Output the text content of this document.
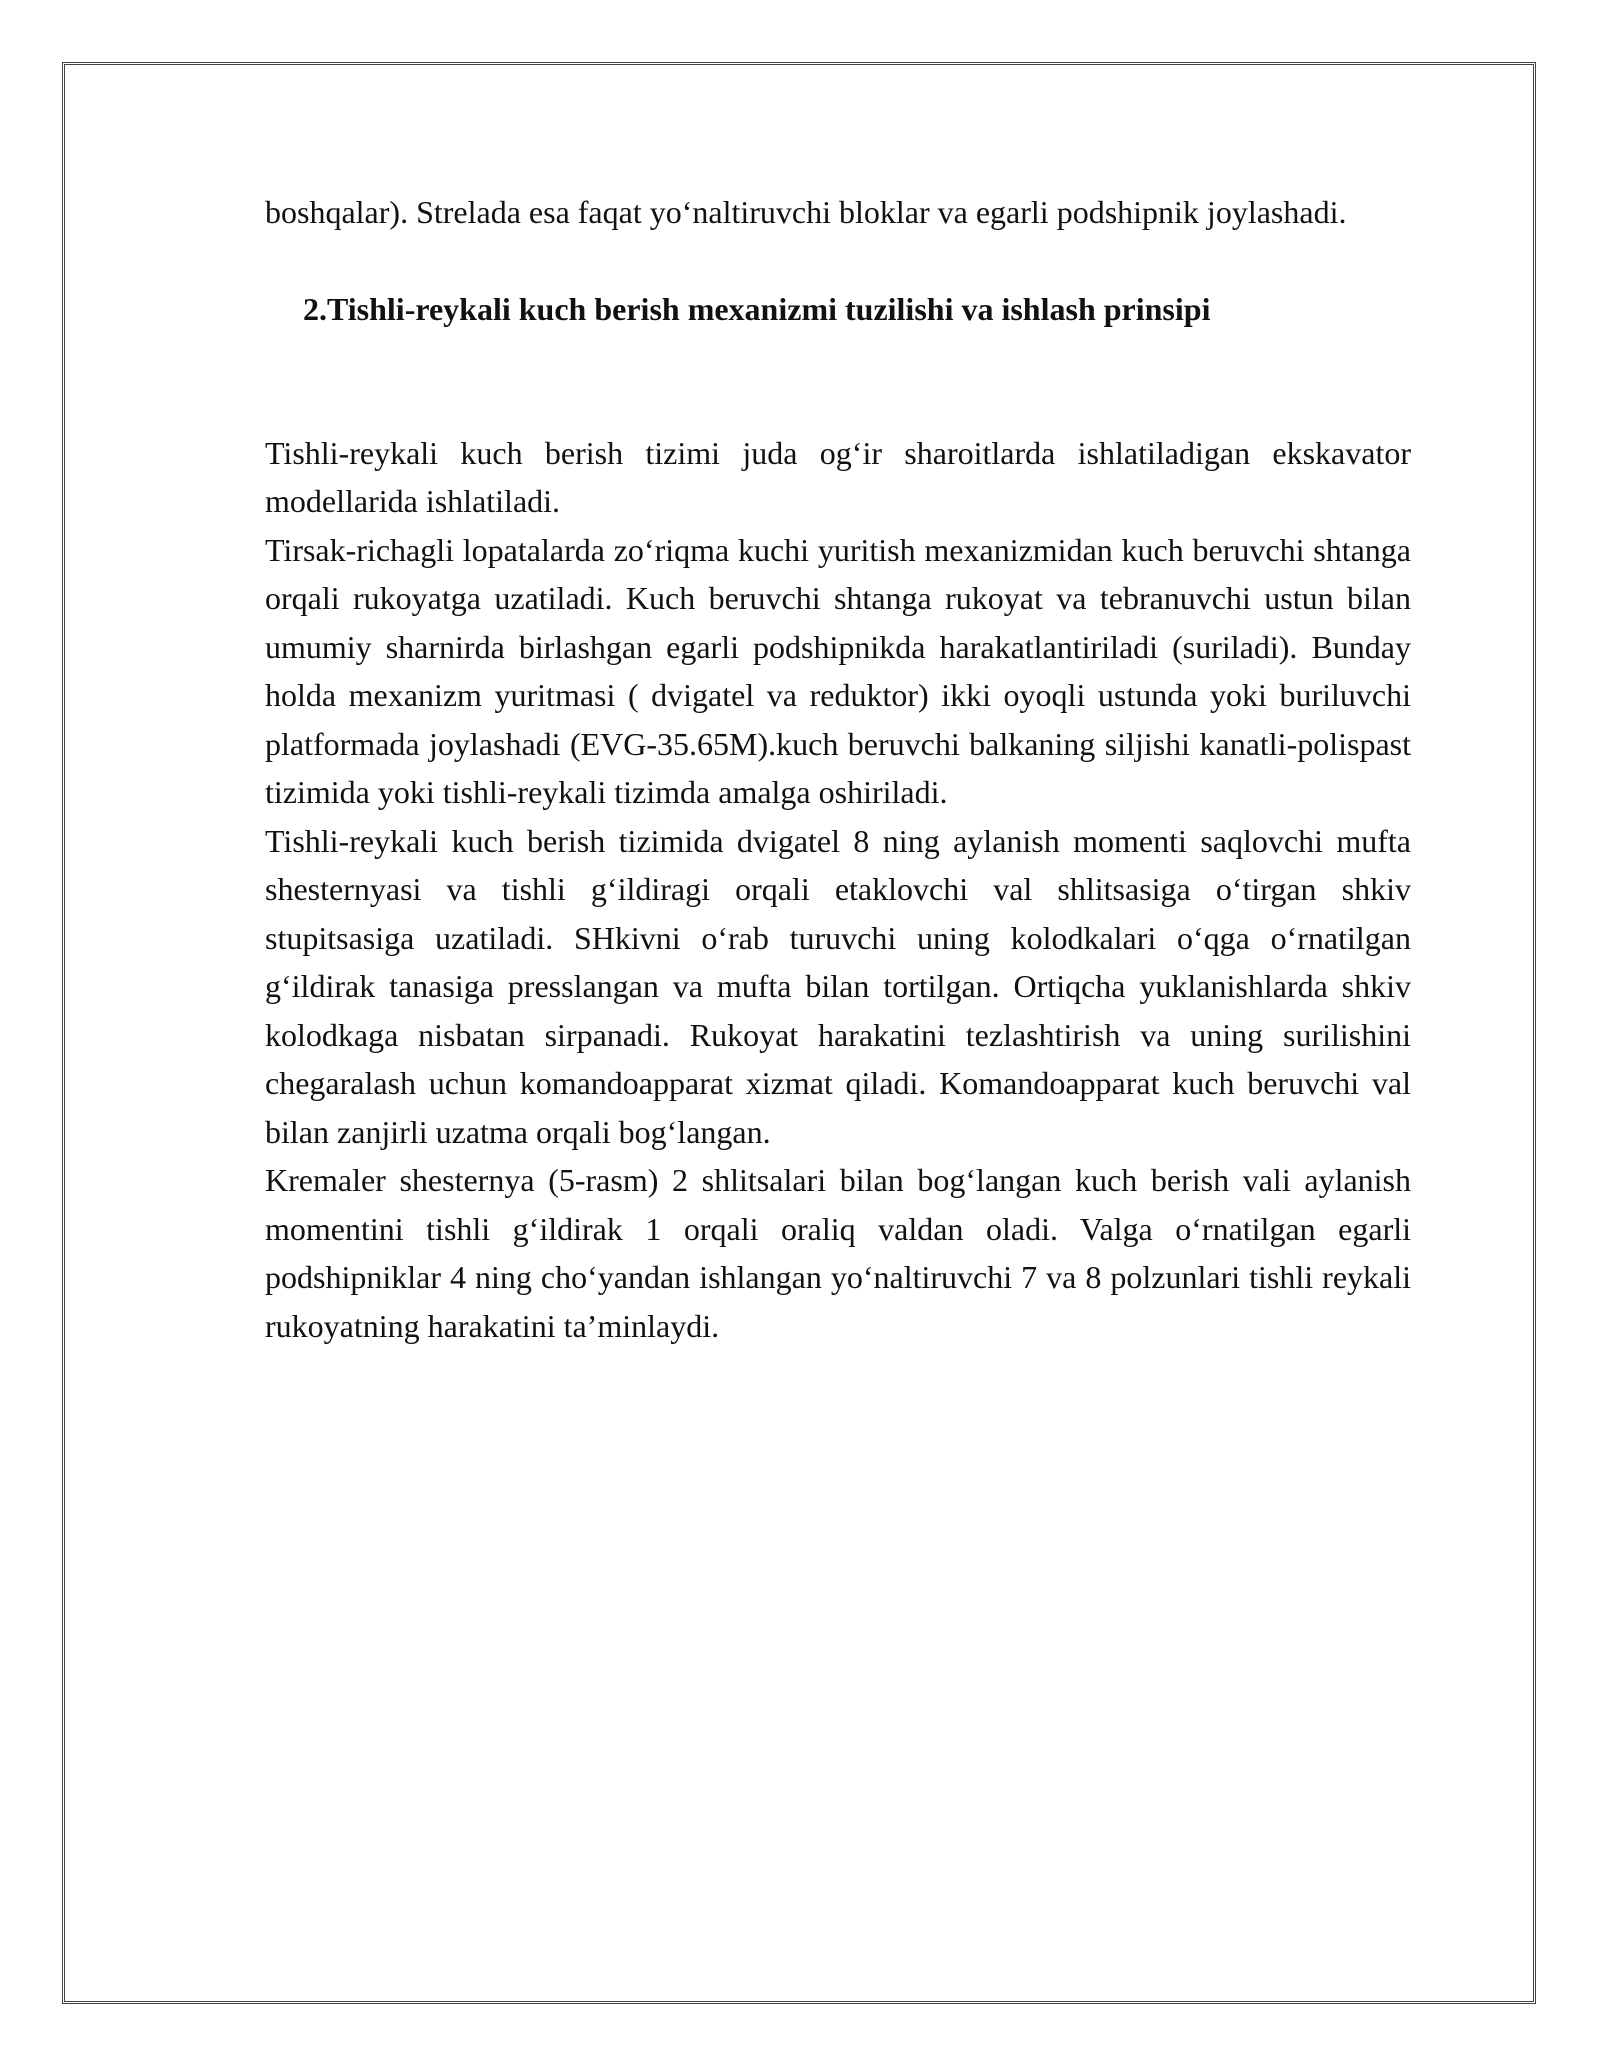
boshqalar). Strelada esa faqat yo‘naltiruvchi bloklar va egarli podshipnik joylashadi.

2.Tishli-reykali kuch berish mexanizmi tuzilishi va ishlash prinsipi

Tishli-reykali kuch berish tizimi juda og‘ir sharoitlarda ishlatiladigan ekskavator modellarida ishlatiladi.

Tirsak-richagli lopatalarda zo‘riqma kuchi yuritish mexanizmidan kuch beruvchi shtanga orqali rukoyatga uzatiladi. Kuch beruvchi shtanga rukoyat va tebranuvchi ustun bilan umumiy sharnirda birlashgan egarli podshipnikda harakatlantiriladi (suriladi). Bunday holda mexanizm yuritmasi ( dvigatel va reduktor) ikki oyoqli ustunda yoki buriluvchi platformada joylashadi (EVG-35.65M).kuch beruvchi balkaning siljishi kanatli-polispast tizimida yoki tishli-reykali tizimda amalga oshiriladi.

Tishli-reykali kuch berish tizimida dvigatel 8 ning aylanish momenti saqlovchi mufta shesternyasi va tishli g‘ildiragi orqali etaklovchi val shlitsasiga o‘tirgan shkiv stupitsasiga uzatiladi. SHkivni o‘rab turuvchi uning kolodkalari o‘qga o‘rnatilgan g‘ildirak tanasiga presslangan va mufta bilan tortilgan. Ortiqcha yuklanishlarda shkiv kolodkaga nisbatan sirpanadi. Rukoyat harakatini tezlashtirish va uning surilishini chegaralash uchun komandoapparat xizmat qiladi. Komandoapparat kuch beruvchi val bilan zanjirli uzatma orqali bog‘langan.

Kremaler shesternya (5-rasm) 2 shlitsalari bilan bog‘langan kuch berish vali aylanish momentini tishli g‘ildirak 1 orqali oraliq valdan oladi. Valga o‘rnatilgan egarli podshipniklar 4 ning cho‘yandan ishlangan yo‘naltiruvchi 7 va 8 polzunlari tishli reykali rukoyatning harakatini ta’minlaydi.
